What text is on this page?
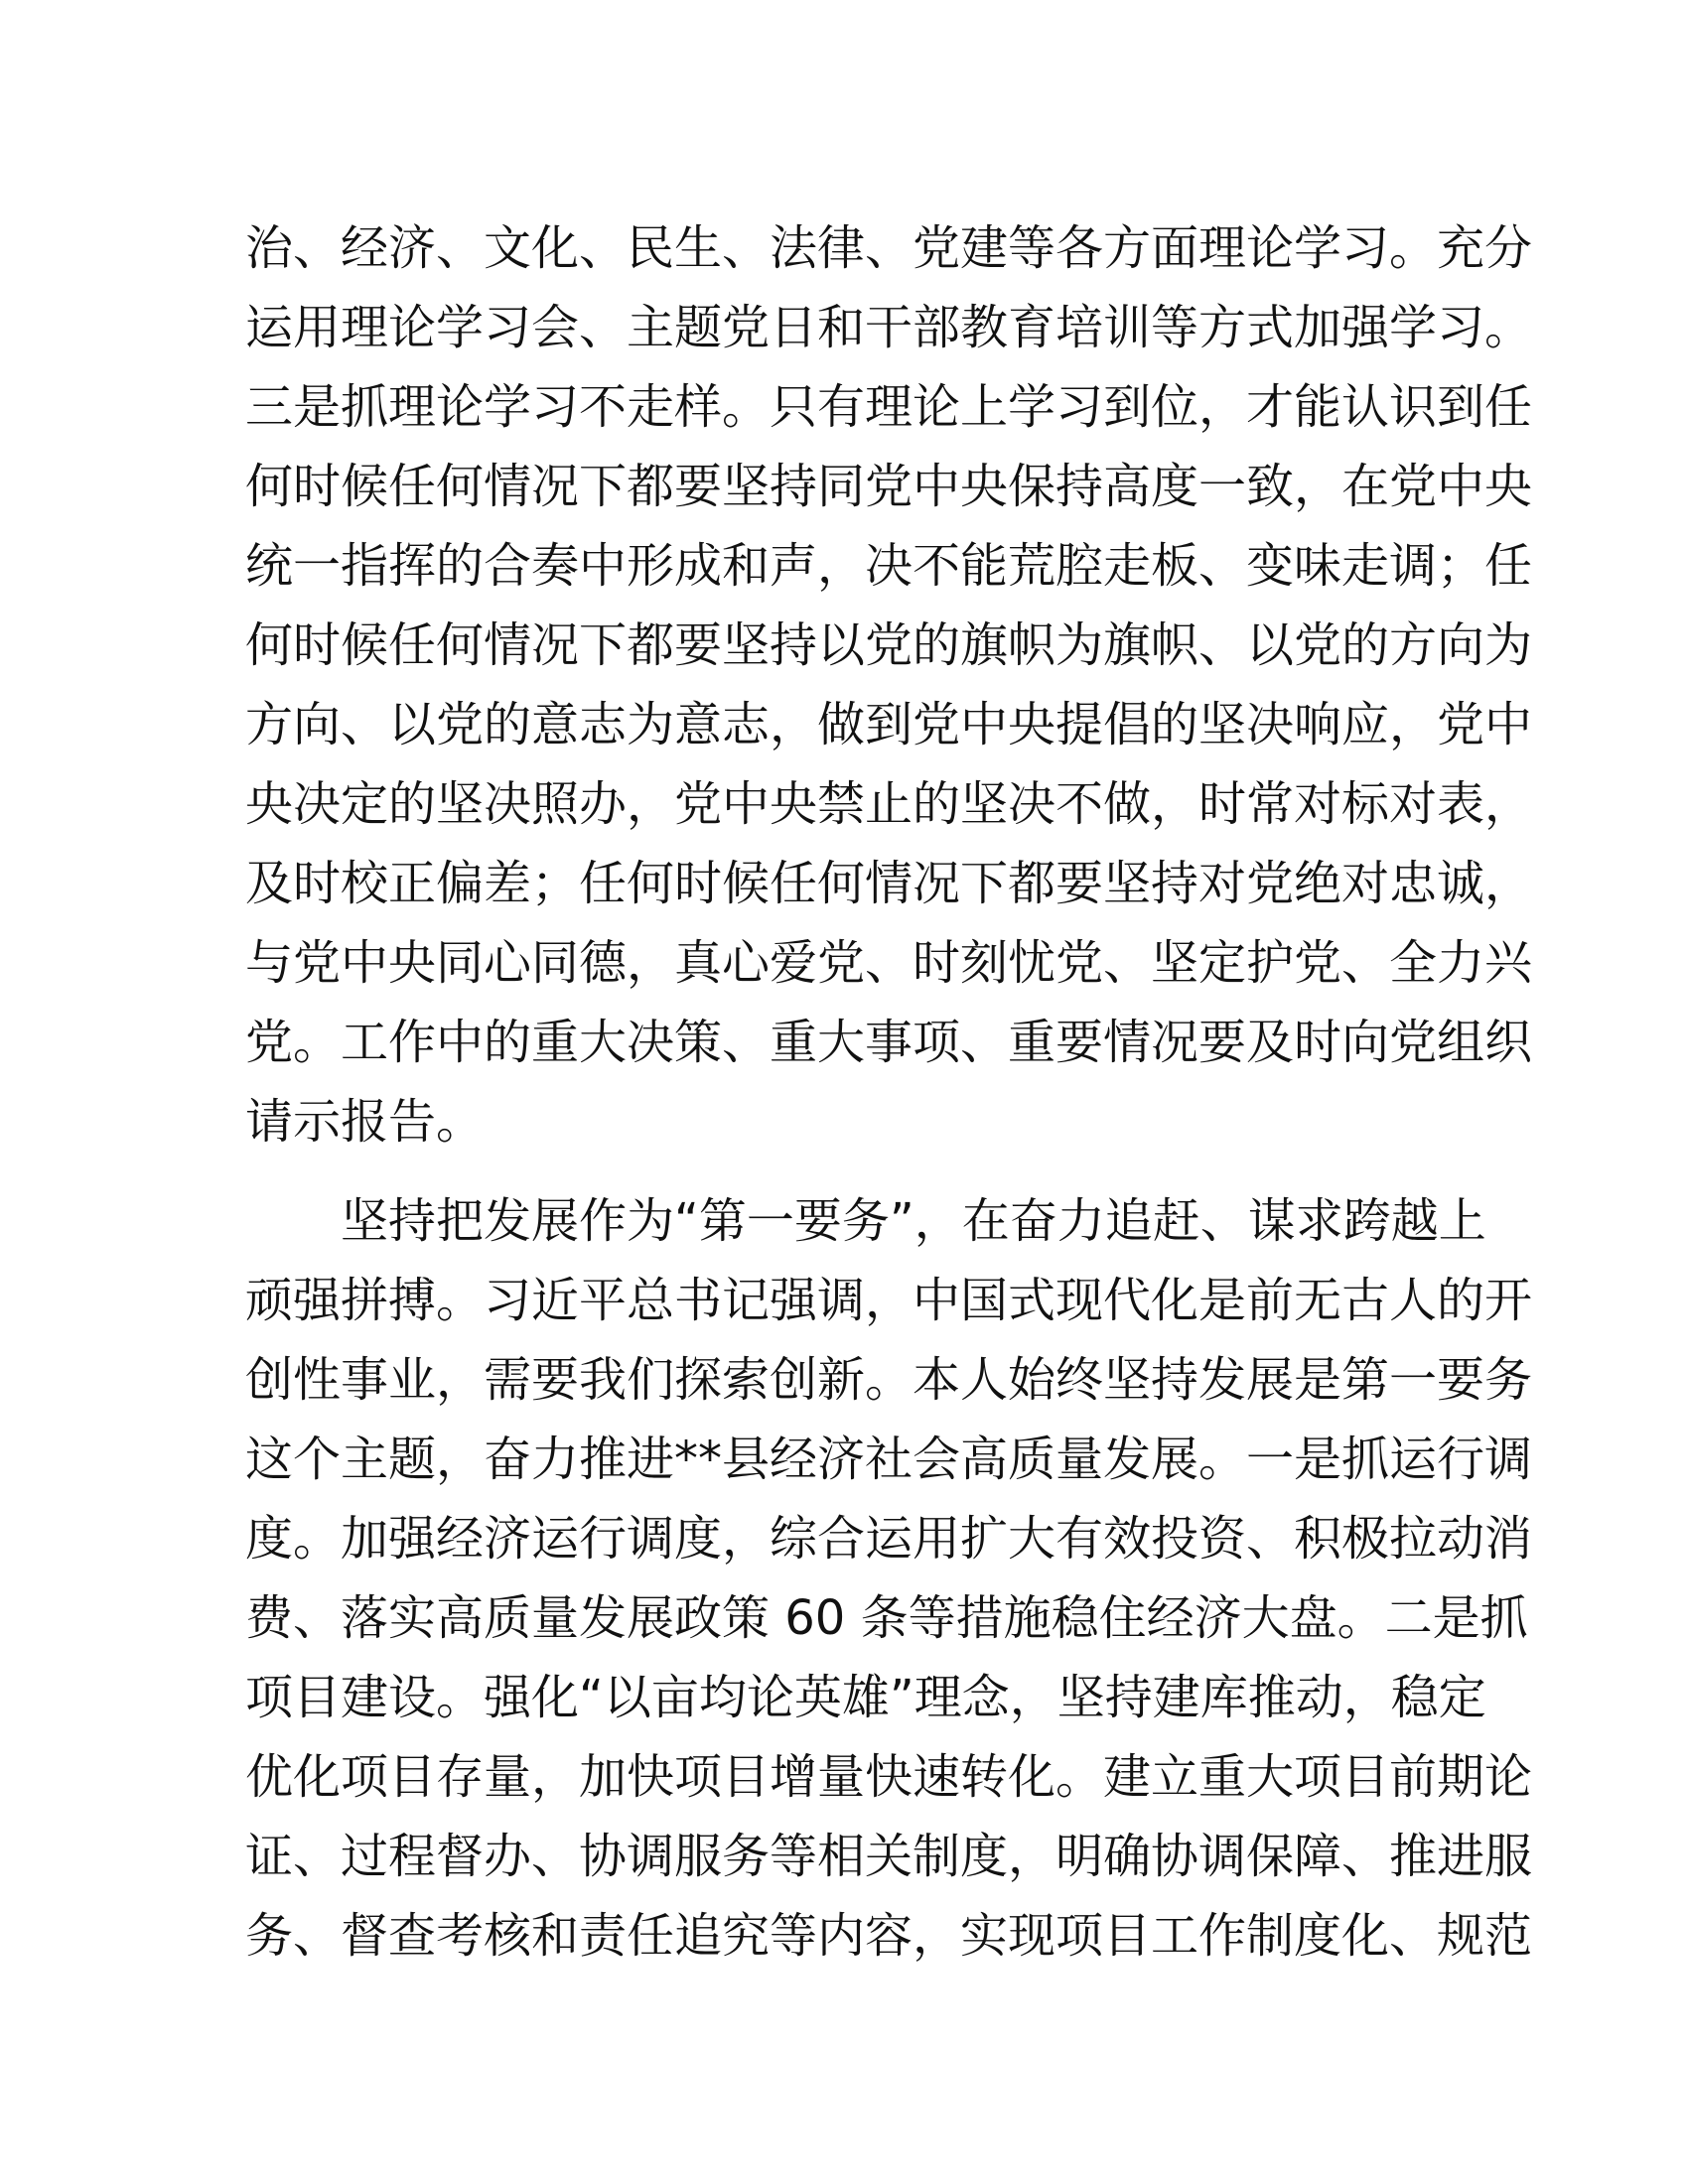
治、经济、文化、民生、法律、党建等各方面理论学习。充分
运用理论学习会、主题党日和干部教育培训等方式加强学习。
三是抓理论学习不走样。只有理论上学习到位，才能认识到任
何时候任何情况下都要坚持同党中央保持高度一致，在党中央
统一指挥的合奏中形成和声，决不能荒腔走板、变味走调；任
何时候任何情况下都要坚持以党的旗帜为旗帜、以党的方向为
方向、以党的意志为意志，做到党中央提倡的坚决响应，党中
央决定的坚决照办，党中央禁止的坚决不做，时常对标对表，
及时校正偏差；任何时候任何情况下都要坚持对党绝对忠诚，
与党中央同心同德，真心爱党、时刻忧党、坚定护党、全力兴
党。工作中的重大决策、重大事项、重要情况要及时向党组织
请示报告。
坚持把发展作为“第一要务”，在奋力追赶、谋求跨越上
顽强拼搏。习近平总书记强调，中国式现代化是前无古人的开
创性事业，需要我们探索创新。本人始终坚持发展是第一要务
这个主题，奋力推进**县经济社会高质量发展。一是抓运行调
度。加强经济运行调度，综合运用扩大有效投资、积极拉动消
费、落实高质量发展政策 60 条等措施稳住经济大盘。二是抓
项目建设。强化“以亩均论英雄”理念，坚持建库推动，稳定
优化项目存量，加快项目增量快速转化。建立重大项目前期论
证、过程督办、协调服务等相关制度，明确协调保障、推进服
务、督查考核和责任追究等内容，实现项目工作制度化、规范
